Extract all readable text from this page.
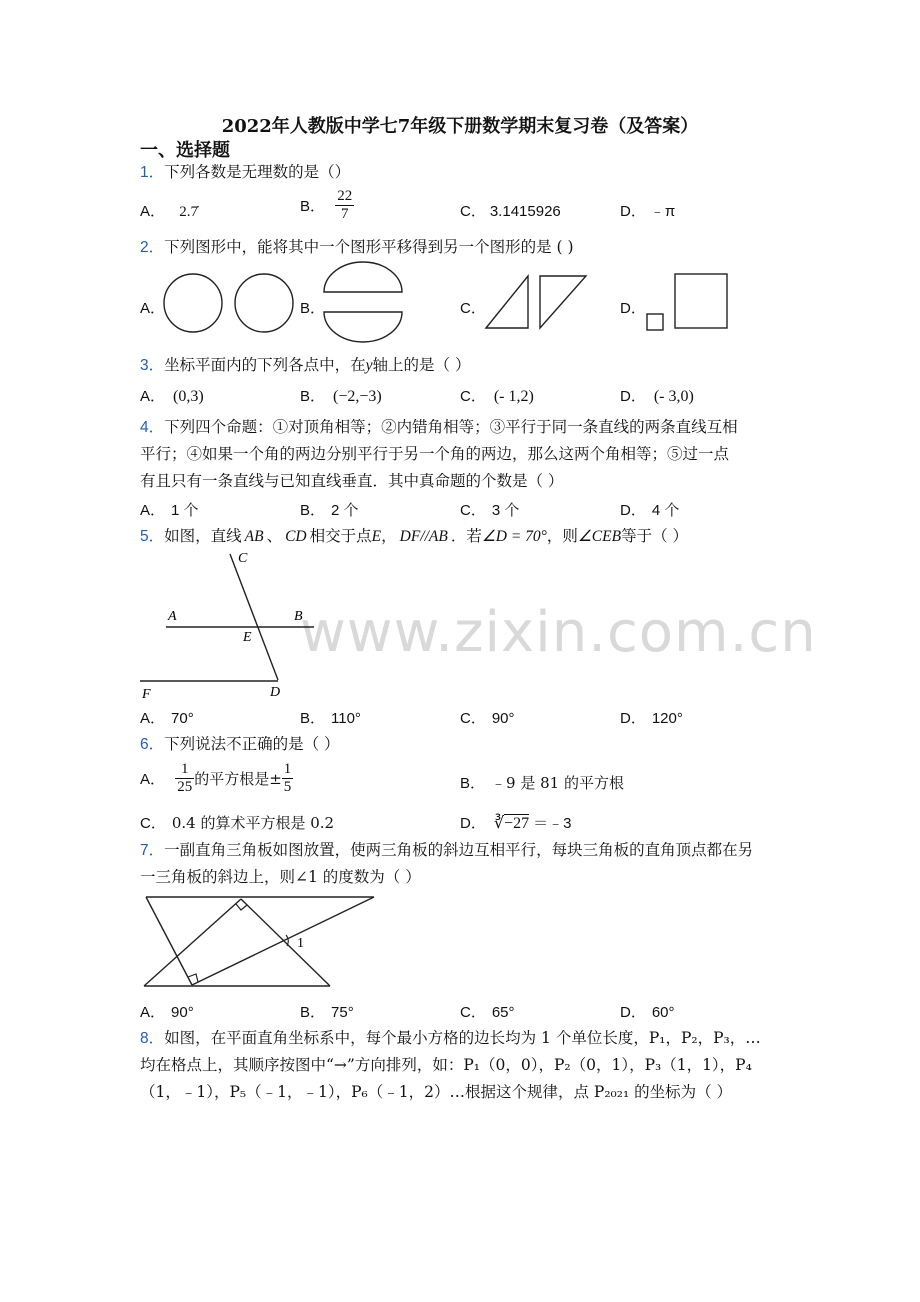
2022年人教版中学七7年级下册数学期末复习卷（及答案）
一、选择题
www.zixin.com.cn
1．下列各数是无理数的是（）
A． 2.7̇	B． $\frac{22}{7}$	C． 3.1415926	D． ﹣π
2．下列图形中，能将其中一个图形平移得到另一个图形的是 ( )
A．	B．	C．	D．
3．坐标平面内的下列各点中，在y轴上的是（ ）
A． (0,3)	B． (−2,−3)	C． (- 1,2)	D． (- 3,0)
4．下列四个命题：①对顶角相等；②内错角相等；③平行于同一条直线的两条直线互相
平行；④如果一个角的两边分别平行于另一个角的两边，那么这两个角相等；⑤过一点
有且只有一条直线与已知直线垂直．其中真命题的个数是（ ）
A． 1 个	B． 2 个	C． 3 个	D． 4 个
5．如图，直线 AB 、 CD 相交于点E， DF//AB ．若∠D = 70°，则∠CEB等于（ ）
C
A	B
E
F	D
A． 70°	B． 110°	C． 90°	D． 120°
6．下列说法不正确的是（ ）
A． $\frac{1}{25}$ 的平方根是± $\frac{1}{5}$	B． ﹣9 是 81 的平方根
C． 0.4 的算术平方根是 0.2	D． ∛−27 ＝﹣3
7．一副直角三角板如图放置，使两三角板的斜边互相平行，每块三角板的直角顶点都在另
一三角板的斜边上，则∠1 的度数为（ ）
1
A． 90°	B． 75°	C． 65°	D． 60°
8．如图，在平面直角坐标系中，每个最小方格的边长均为 1 个单位长度，P₁，P₂，P₃，…
均在格点上，其顺序按图中“→”方向排列，如：P₁（0，0），P₂（0，1），P₃（1，1），P₄
（1，﹣1），P₅（﹣1，﹣1），P₆（﹣1，2）…根据这个规律，点 P₂₀₂₁ 的坐标为（ ）
